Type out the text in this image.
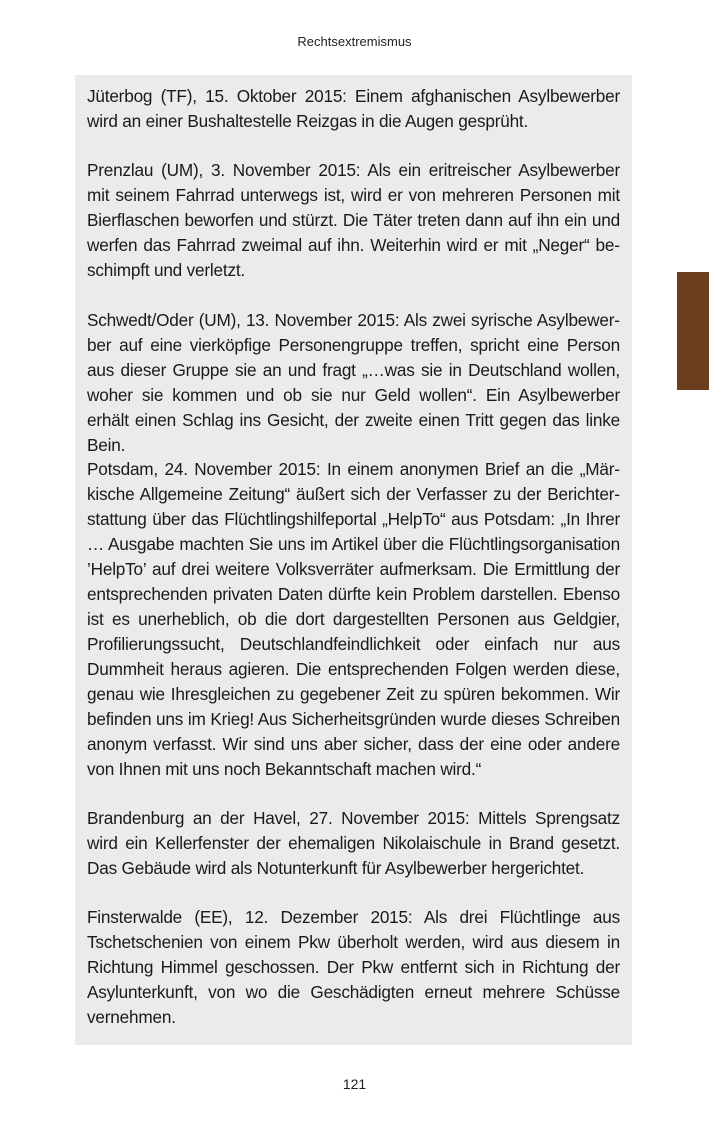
Rechtsextremismus

Jüterbog (TF), 15. Oktober 2015: Einem afghanischen Asylbewerber wird an einer Bushaltestelle Reizgas in die Augen gesprüht.

Prenzlau (UM), 3. November 2015: Als ein eritreischer Asylbewerber mit seinem Fahrrad unterwegs ist, wird er von mehreren Personen mit Bierflaschen beworfen und stürzt. Die Täter treten dann auf ihn ein und werfen das Fahrrad zweimal auf ihn. Weiterhin wird er mit „Neger“ beschimpft und verletzt.

Schwedt/Oder (UM), 13. November 2015: Als zwei syrische Asylbewerber auf eine vierköpfige Personengruppe treffen, spricht eine Person aus dieser Gruppe sie an und fragt „…was sie in Deutschland wollen, woher sie kommen und ob sie nur Geld wollen“. Ein Asylbewerber erhält einen Schlag ins Gesicht, der zweite einen Tritt gegen das linke Bein.

Potsdam, 24. November 2015: In einem anonymen Brief an die „Märkische Allgemeine Zeitung“ äußert sich der Verfasser zu der Berichterstattung über das Flüchtlingshilfeportal „HelpTo“ aus Potsdam: „In Ihrer … Ausgabe machten Sie uns im Artikel über die Flüchtlingsorganisation ’HelpTo’ auf drei weitere Volksverräter aufmerksam. Die Ermittlung der entsprechenden privaten Daten dürfte kein Problem darstellen. Ebenso ist es unerheblich, ob die dort dargestellten Personen aus Geldgier, Profilierungssucht, Deutschlandfeindlichkeit oder einfach nur aus Dummheit heraus agieren. Die entsprechenden Folgen werden diese, genau wie Ihresgleichen zu gegebener Zeit zu spüren bekommen. Wir befinden uns im Krieg! Aus Sicherheitsgründen wurde dieses Schreiben anonym verfasst. Wir sind uns aber sicher, dass der eine oder andere von Ihnen mit uns noch Bekanntschaft machen wird.“

Brandenburg an der Havel, 27. November 2015: Mittels Sprengsatz wird ein Kellerfenster der ehemaligen Nikolaischule in Brand gesetzt. Das Gebäude wird als Notunterkunft für Asylbewerber hergerichtet.

Finsterwalde (EE), 12. Dezember 2015: Als drei Flüchtlinge aus Tschetschenien von einem Pkw überholt werden, wird aus diesem in Richtung Himmel geschossen. Der Pkw entfernt sich in Richtung der Asylunterkunft, von wo die Geschädigten erneut mehrere Schüsse vernehmen.

121
